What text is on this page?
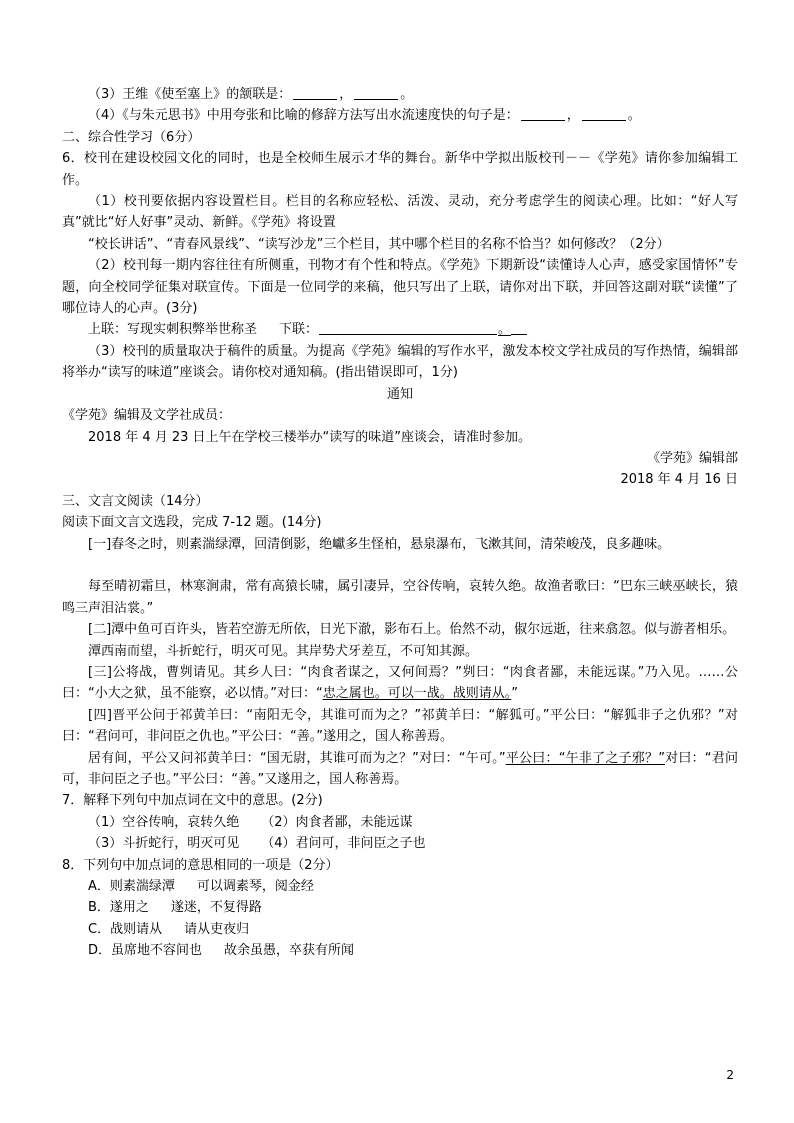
（3）王维《使至塞上》的颔联是：	，	。
（4）《与朱元思书》中用夸张和比喻的修辞方法写出水流速度快的句子是：	，	。
二、综合性学习（6分）
6．校刊在建设校园文化的同时，也是全校师生展示才华的舞台。新华中学拟出版校刊－－《学苑》请你参加编辑工作。
（1）校刊要依据内容设置栏目。栏目的名称应轻松、活泼、灵动，充分考虑学生的阅读心理。比如：“好人写真”就比“好人好事”灵动、新鲜。《学苑》将设置
“校长讲话”、“青春风景线”、“读写沙龙”三个栏目，其中哪个栏目的名称不恰当？如何修改？（2分）
（2）校刊每一期内容往往有所侧重，刊物才有个性和特点。《学苑》下期新设“读懂诗人心声，感受家国情怀”专题，向全校同学征集对联宣传。下面是一位同学的来稿，他只写出了上联，请你对出下联，并回答这副对联“读懂”了哪位诗人的心声。(3分)
上联：写现实刺积弊举世称圣 下联：	。
（3）校刊的质量取决于稿件的质量。为提高《学苑》编辑的写作水平，激发本校文学社成员的写作热情，编辑部将举办“读写的味道”座谈会。请你校对通知稿。(指出错误即可，1分)
通知
《学苑》编辑及文学社成员：
2018 年 4 月 23 日上午在学校三楼举办“读写的味道”座谈会，请准时参加。
《学苑》编辑部
2018 年 4 月 16 日
三、文言文阅读（14分）
阅读下面文言文选段，完成 7-12 题。(14分)
[一]春冬之时，则素湍绿潭，回清倒影，绝巘多生怪柏，悬泉瀑布，飞漱其间，清荣峻茂，良多趣味。
每至晴初霜旦，林寒涧肃，常有高猿长啸，属引凄异，空谷传响，哀转久绝。故渔者歌曰：“巴东三峡巫峡长，猿鸣三声泪沾裳。”
[二]潭中鱼可百许头，皆若空游无所依，日光下澈，影布石上。佁然不动，俶尔远逝，往来翕忽。似与游者相乐。
潭西南而望，斗折蛇行，明灭可见。其岸势犬牙差互，不可知其源。
[三]公将战，曹刿请见。其乡人曰：“肉食者谋之，又何间焉？”刿曰：“肉食者鄙，未能远谋。”乃入见。……公曰：“小大之狱，虽不能察，必以情。”对曰：“忠之属也。可以一战。战则请从。”
[四]晋平公问于祁黄羊曰：“南阳无令，其谁可而为之？”祁黄羊曰：“解狐可。”平公曰：“解狐非子之仇邪？”对曰：“君问可，非问臣之仇也。”平公曰：“善。”遂用之，国人称善焉。
居有间，平公又问祁黄羊曰：“国无尉，其谁可而为之？”对曰：“午可。”平公曰：“午非了之子邪？”对曰：“君问可，非问臣之子也。”平公曰：“善。”又遂用之，国人称善焉。
7．解释下列句中加点词在文中的意思。(2分)
（1）空谷传响，哀转久绝 （2）肉食者鄙，未能远谋
（3）斗折蛇行，明灭可见 （4）君问可，非问臣之子也
8．下列句中加点词的意思相同的一项是（2分）
A．则素湍绿潭 可以调素琴，阅金经
B．遂用之 遂迷，不复得路
C．战则请从 请从吏夜归
D．虽席地不容间也 故余虽愚，卒获有所闻
2
